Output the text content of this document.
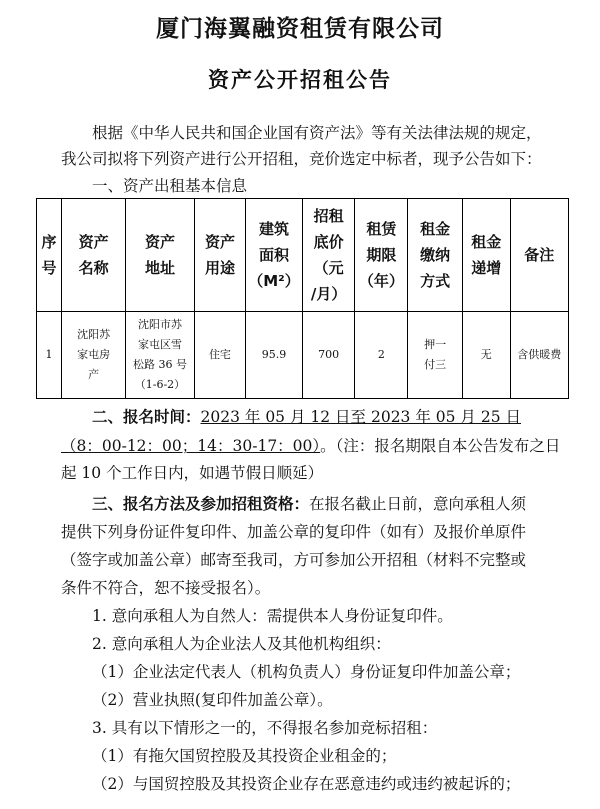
厦门海翼融资租赁有限公司
资产公开招租公告
根据《中华人民共和国企业国有资产法》等有关法律法规的规定，
我公司拟将下列资产进行公开招租，竞价选定中标者，现予公告如下：
一、资产出租基本信息
序
号	资产
名称	资产
地址	资产
用途	建筑
面积
（M²）	招租
底价
（元
/月）	租赁
期限
（年）	租金
缴纳
方式	租金
递增	备注
1	沈阳苏
家屯房
产	沈阳市苏
家屯区雪
松路 36 号
（1-6-2）	住宅	95.9	700	2	押一
付三	无	含供暖费
二、报名时间：2023 年 05 月 12 日至 2023 年 05 月 25 日
（8：00-12：00；14：30-17：00）。（注：报名期限自本公告发布之日
起 10 个工作日内，如遇节假日顺延）
三、报名方法及参加招租资格：在报名截止日前，意向承租人须
提供下列身份证件复印件、加盖公章的复印件（如有）及报价单原件
（签字或加盖公章）邮寄至我司，方可参加公开招租（材料不完整或
条件不符合，恕不接受报名）。
1. 意向承租人为自然人：需提供本人身份证复印件。
2. 意向承租人为企业法人及其他机构组织：
（1）企业法定代表人（机构负责人）身份证复印件加盖公章；
（2）营业执照(复印件加盖公章）。
3. 具有以下情形之一的，不得报名参加竞标招租：
（1）有拖欠国贸控股及其投资企业租金的；
（2）与国贸控股及其投资企业存在恶意违约或违约被起诉的；
